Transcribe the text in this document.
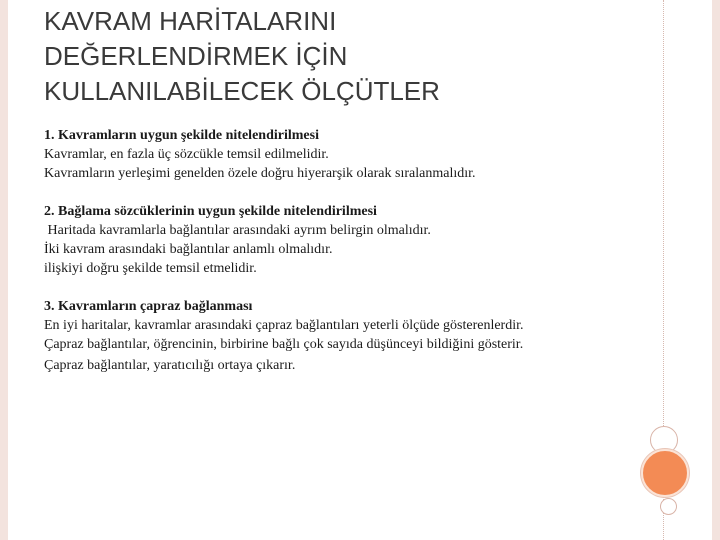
KAVRAM HARİTALARINI
DEĞERLENDİRMEK İÇİN
KULLANILABİLECEK ÖLÇÜTLER
1. Kavramların uygun şekilde nitelendirilmesi
Kavramlar, en fazla üç sözcükle temsil edilmelidir.
Kavramların yerleşimi genelden özele doğru hiyerarşik olarak sıralanmalıdır.
2. Bağlama sözcüklerinin uygun şekilde nitelendirilmesi
Haritada kavramlarla bağlantılar arasındaki ayrım belirgin olmalıdır.
İki kavram arasındaki bağlantılar anlamlı olmalıdır.
ilişkiyi doğru şekilde temsil etmelidir.
3. Kavramların çapraz bağlanması
En iyi haritalar, kavramlar arasındaki çapraz bağlantıları yeterli ölçüde gösterenlerdir.
Çapraz bağlantılar, öğrencinin, birbirine bağlı çok sayıda düşünceyi bildiğini gösterir.
Çapraz bağlantılar, yaratıcılığı ortaya çıkarır.
